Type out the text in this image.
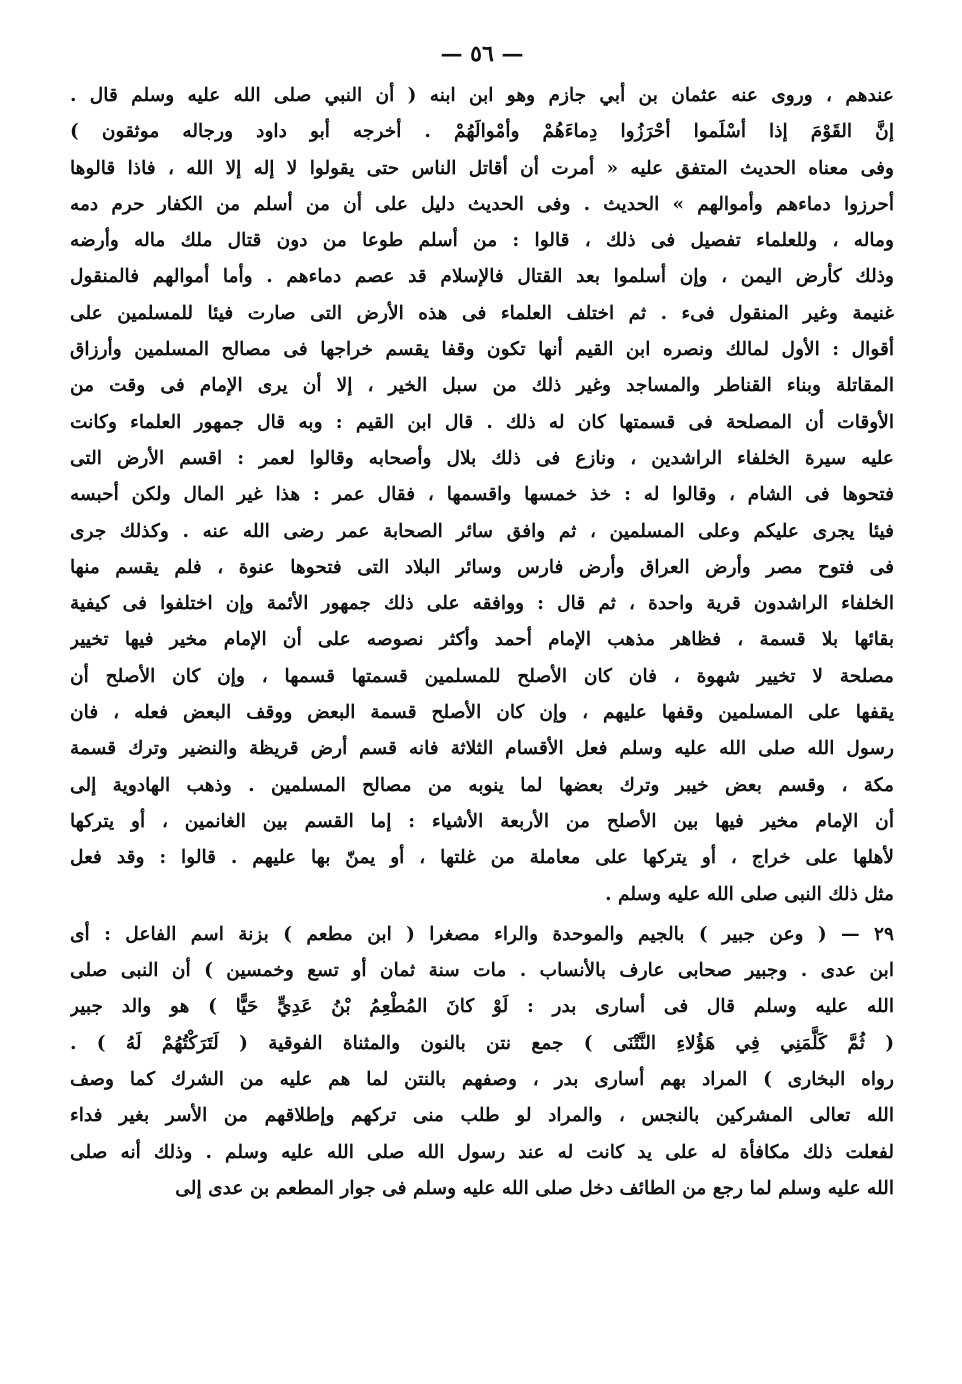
— ٥٦ —
عندهم ، وروى عنه عثمان بن أبي جازم وهو ابن ابنه ( أن النبي صلى الله عليه وسلم قال .
إنَّ القَوْمَ إذا أسْلَموا أحْرَزُوا دِماءَهُمْ وأمْوالَهُمْ . أخرجه أبو داود ورجاله موثقون )
وفى معناه الحديث المتفق عليه « أمرت أن أقاتل الناس حتى يقولوا لا إله إلا الله ، فاذا قالوها
أحرزوا دماءهم وأموالهم » الحديث . وفى الحديث دليل على أن من أسلم من الكفار حرم دمه
وماله ، وللعلماء تفصيل فى ذلك ، قالوا : من أسلم طوعا من دون قتال ملك ماله وأرضه
وذلك كأرض اليمن ، وإن أسلموا بعد القتال فالإسلام قد عصم دماءهم . وأما أموالهم فالمنقول
غنيمة وغير المنقول فىء . ثم اختلف العلماء فى هذه الأرض التى صارت فيئا للمسلمين على
أقوال : الأول لمالك ونصره ابن القيم أنها تكون وقفا يقسم خراجها فى مصالح المسلمين وأرزاق
المقاتلة وبناء القناطر والمساجد وغير ذلك من سبل الخير ، إلا أن يرى الإمام فى وقت من
الأوقات أن المصلحة فى قسمتها كان له ذلك . قال ابن القيم : وبه قال جمهور العلماء وكانت
عليه سيرة الخلفاء الراشدين ، ونازع فى ذلك بلال وأصحابه وقالوا لعمر : اقسم الأرض التى
فتحوها فى الشام ، وقالوا له : خذ خمسها واقسمها ، فقال عمر : هذا غير المال ولكن أحبسه
فيئا يجرى عليكم وعلى المسلمين ، ثم وافق سائر الصحابة عمر رضى الله عنه . وكذلك جرى
فى فتوح مصر وأرض العراق وأرض فارس وسائر البلاد التى فتحوها عنوة ، فلم يقسم منها
الخلفاء الراشدون قرية واحدة ، ثم قال : ووافقه على ذلك جمهور الأئمة وإن اختلفوا فى كيفية
بقائها بلا قسمة ، فظاهر مذهب الإمام أحمد وأكثر نصوصه على أن الإمام مخير فيها تخيير
مصلحة لا تخيير شهوة ، فان كان الأصلح للمسلمين قسمتها قسمها ، وإن كان الأصلح أن
يقفها على المسلمين وقفها عليهم ، وإن كان الأصلح قسمة البعض ووقف البعض فعله ، فان
رسول الله صلى الله عليه وسلم فعل الأقسام الثلاثة فانه قسم أرض قريظة والنضير وترك قسمة
مكة ، وقسم بعض خيبر وترك بعضها لما ينوبه من مصالح المسلمين . وذهب الهادوية إلى
أن الإمام مخير فيها بين الأصلح من الأربعة الأشياء : إما القسم بين الغانمين ، أو يتركها
لأهلها على خراج ، أو يتركها على معاملة من غلتها ، أو يمنّ بها عليهم . قالوا : وقد فعل
مثل ذلك النبى صلى الله عليه وسلم .
٢٩ — ( وعن جبير ) بالجيم والموحدة والراء مصغرا ( ابن مطعم ) بزنة اسم الفاعل : أى
ابن عدى . وجبير صحابى عارف بالأنساب . مات سنة ثمان أو تسع وخمسين ) أن النبى صلى
الله عليه وسلم قال فى أسارى بدر : لَوْ كانَ المُطْعِمُ بْنُ عَدِيٍّ حَيًّا ) هو والد جبير
( ثُمَّ كَلَّمَنِي فِي هَؤُلاءِ النَّتْنَى ) جمع نتن بالنون والمثناة الفوقية ( لَتَرَكْتُهُمْ لَهُ ) .
رواه البخارى ) المراد بهم أسارى بدر ، وصفهم بالنتن لما هم عليه من الشرك كما وصف
الله تعالى المشركين بالنجس ، والمراد لو طلب منى تركهم وإطلاقهم من الأسر بغير فداء
لفعلت ذلك مكافأة له على يد كانت له عند رسول الله صلى الله عليه وسلم . وذلك أنه صلى
الله عليه وسلم لما رجع من الطائف دخل صلى الله عليه وسلم فى جوار المطعم بن عدى إلى
